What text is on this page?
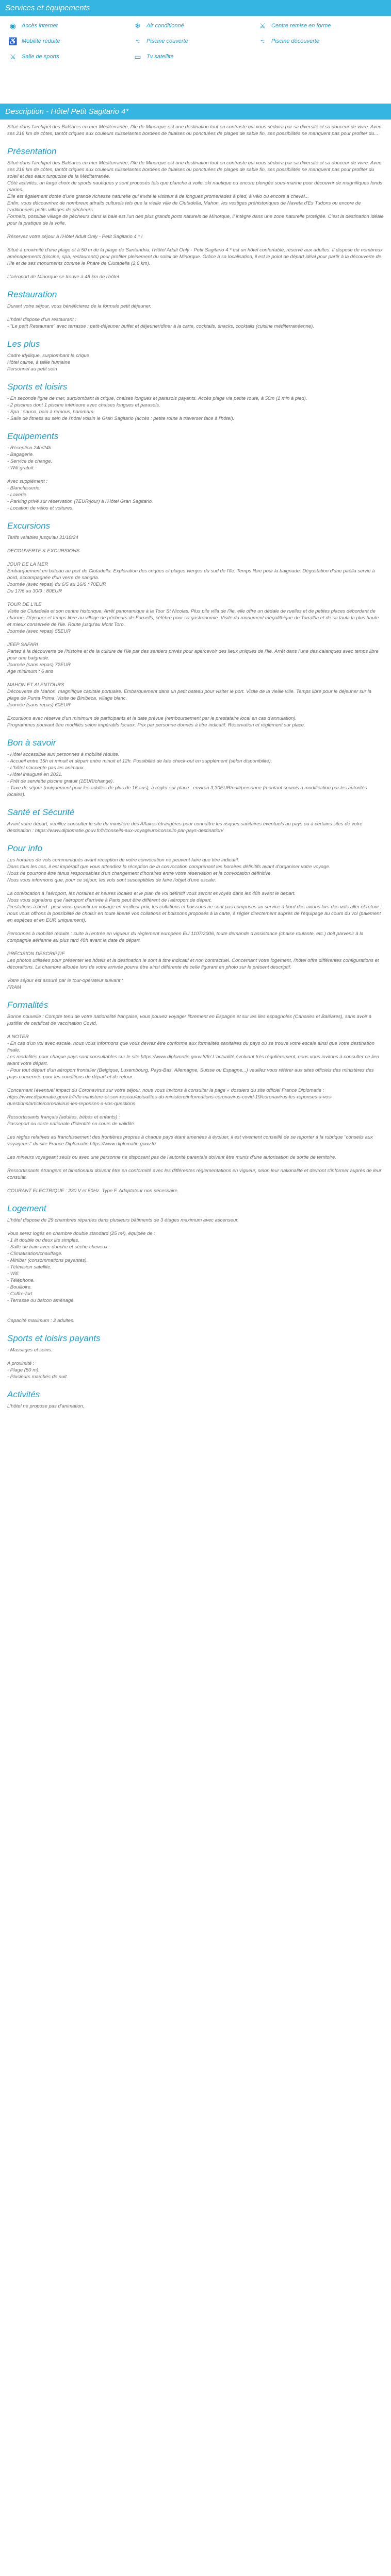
Services et équipements
◉ Accès internet	❄ Air conditionné	⚔ Centre remise en forme
♿ Mobilité réduite	≈	Piscine couverte	≈	Piscine découverte
⚔ Salle de sports	▭ Tv satellite
Description - Hôtel Petit Sagitario 4*

Situé dans l'archipel des Baléares en mer Méditerranée, l'île de Minorque est une destination tout en contraste qui vous séduira par sa diversité et sa douceur de vivre. Avec ses 216 km de côtes, tantôt criques aux couleurs ruisselantes bordées de falaises ou ponctuées de plages de sable fin, ses possibilités ne manquent pas pour profiter du...

Présentation

Situé dans l'archipel des Baléares en mer Méditerranée, l'île de Minorque est une destination tout en contraste qui vous séduira par sa diversité et sa douceur de vivre. Avec ses 216 km de côtes, tantôt criques aux couleurs ruisselantes bordées de falaises ou ponctuées de plages de sable fin, ses possibilités ne manquent pas pour profiter du soleil et des eaux turquoise de la Méditerranée.
Côté activités, un large choix de sports nautiques y sont proposés tels que planche à voile, ski nautique ou encore plongée sous-marine pour découvrir de magnifiques fonds marins.
Elle est également dotée d'une grande richesse naturelle qui invite le visiteur à de longues promenades à pied, à vélo ou encore à cheval...
Enfin, vous découvrirez de nombreux attraits culturels tels que la vieille ville de Ciutadella, Mahon, les vestiges préhistoriques de Naveta d'Es Tudons ou encore de traditionnels petits villages de pêcheurs.
Formelo, possible village de pêcheurs dans la baie est l'un des plus grands ports naturels de Minorque, il intègre dans une zone naturelle protégée. C'est la destination idéale pour la pratique de la voile.

Réservez votre séjour à l'Hôtel Adult Only - Petit Sagitario 4 * !

Situé à proximité d'une plage et à 50 m de la plage de Santandria, l'Hôtel Adult Only - Petit Sagitario 4 * est un hôtel confortable, réservé aux adultes. Il dispose de nombreux aménagements (piscine, spa, restaurants) pour profiter pleinement du soleil de Minorque. Grâce à sa localisation, il est le point de départ idéal pour partir à la découverte de l'île et de ses monuments comme le Phare de Ciutadella (2,6 km).

L'aéroport de Minorque se trouve à 48 km de l'hôtel.

Restauration

Durant votre séjour, vous bénéficierez de la formule petit déjeuner.

L'hôtel dispose d'un restaurant :
- "Le petit Restaurant" avec terrasse : petit-déjeuner buffet et déjeuner/dîner à la carte, cocktails, snacks, cocktails (cuisine méditerranéenne).

Les plus

Cadre idyllique, surplombant la crique
Hôtel calme, à taille humaine
Personnel au petit soin

Sports et loisirs

- En seconde ligne de mer, surplombant la crique, chaises longues et parasols payants. Accès plage via petite route, à 50m (1 min à pied).
- 2 piscines dont 1 piscine intérieure avec chaises longues et parasols.
- Spa : sauna, bain à remous, hammam.
- Salle de fitness au sein de l'hôtel voisin le Gran Sagitario (accès : petite route à traverser face à l'hôtel).

Equipements

- Réception 24h/24h.
- Bagagerie.
- Service de change.
- Wifi gratuit.

Avec supplément :
- Blanchisserie.
- Laverie.
- Parking privé sur réservation (7EUR/jour) à l'Hôtel Gran Sagitario.
- Location de vélos et voitures.

Excursions

Tarifs valables jusqu'au 31/10/24

DECOUVERTE & EXCURSIONS

JOUR DE LA MER
Embarquement en bateau au port de Ciutadella. Exploration des criques et plages vierges du sud de l'île. Temps libre pour la baignade. Dégustation d'une paëlla servie à bord, accompagnée d'un verre de sangria.
Journée (avec repas) du 6/5 au 16/6 : 70EUR
Du 17/6 au 30/9 : 80EUR

TOUR DE L'ILE
Visite de Ciutadella et son centre historique. Arrêt panoramique à la Tour St Nicolas. Plus pile villa de l'île, elle offre un dédale de ruelles et de petites places débordant de charme. Déjeuner et temps libre au village de pêcheurs de Fornells, célèbre pour sa gastronomie. Visite du monument mégalithique de Torralba et de sa taula la plus haute et mieux conservée de l'île. Route jusqu'au Mont Toro.
Journée (avec repas) 55EUR

JEEP SAFARI
Partez à la découverte de l'histoire et de la culture de l'île par des sentiers privés pour apercevoir des lieux uniques de l'île. Arrêt dans l'une des calanques avec temps libre pour une baignade.
Journée (sans repas) 72EUR
Age minimum : 6 ans

MAHON ET ALENTOURS
Découverte de Mahon, magnifique capitale portuaire. Embarquement dans un petit bateau pour visiter le port. Visite de la vieille ville. Temps libre pour le déjeuner sur la plage de Punta Prima. Visite de Binibeca, village blanc.
Journée (sans repas) 60EUR

Excursions avec réserve d'un minimum de participants et la date prévue (remboursement par le prestataire local en cas d'annulation).
Programmes pouvant être modifiés selon impératifs locaux. Prix par personne donnés à titre indicatif. Réservation et règlement sur place.

Bon à savoir

- Hôtel accessible aux personnes à mobilité réduite.
- Accueil entre 15h et minuit et départ entre minuit et 12h. Possibilité de late check-out en supplément (selon disponibilité).
- L'hôtel n'accepte pas les animaux.
- Hôtel inauguré en 2021.
- Prêt de serviette piscine gratuit (1EUR/change).
- Taxe de séjour (uniquement pour les adultes de plus de 16 ans), à régler sur place : environ 3,30EUR/nuit/personne (montant soumis à modification par les autorités locales).

Santé et Sécurité

Avant votre départ, veuillez consulter le site du ministère des Affaires étrangères pour connaître les risques sanitaires éventuels au pays ou à certains sites de votre destination : https://www.diplomatie.gouv.fr/fr/conseils-aux-voyageurs/conseils-par-pays-destination/

Pour info

Les horaires de vols communiqués avant réception de votre convocation ne peuvent faire que titre indicatif.
Dans tous les cas, il est impératif que vous attendiez la réception de la convocation comprenant les horaires définitifs avant d'organiser votre voyage.
Nous ne pourrons être tenus responsables d'un changement d'horaires entre votre réservation et la convocation définitive.
Nous vous informons que, pour ce séjour, les vols sont susceptibles de faire l'objet d'une escale.

La convocation à l'aéroport, les horaires et heures locales et le plan de vol définitif vous seront envoyés dans les 48h avant le départ.
Nous vous signalons que l'aéroport d'arrivée à Paris peut être différent de l'aéroport de départ.
Prestations à bord : pour vous garantir un voyage en meilleur prix, les collations et boissons ne sont pas comprises au service à bord des avions lors des vols aller et retour ; nous vous offrons la possibilité de choisir en toute liberté vos collations et boissons proposés à la carte, à régler directement auprès de l'équipage au cours du vol (paiement en espèces et en EUR uniquement).

Personnes à mobilité réduite : suite à l'entrée en vigueur du règlement européen EU 1107/2006, toute demande d'assistance (chaise roulante, etc.) doit parvenir à la compagnie aérienne au plus tard 48h avant la date de départ.

PRÉCISION DESCRIPTIF
Les photos utilisées pour présenter les hôtels et la destination le sont à titre indicatif et non contractuel. Concernant votre logement, l'hôtel offre différentes configurations et décorations. La chambre allouée lors de votre arrivée pourra être ainsi différente de celle figurant en photo sur le présent descriptif.

Votre séjour est assuré par le tour-opérateur suivant :
FRAM

Formalités

Bonne nouvelle : Compte tenu de votre nationalité française, vous pouvez voyager librement en Espagne et sur les îles espagnoles (Canaries et Baléares), sans avoir à justifier de certificat de vaccination Covid.

A NOTER
- En cas d'un vol avec escale, nous vous informons que vous devrez être conforme aux formalités sanitaires du pays où se trouve votre escale ainsi que votre destination finale.
Les modalités pour chaque pays sont consultables sur le site https://www.diplomatie.gouv.fr/fr/ L'actualité évoluant très régulièrement, nous vous invitons à consulter ce lien avant votre départ.
- Pour tout départ d'un aéroport frontalier (Belgique, Luxembourg, Pays-Bas, Allemagne, Suisse ou Espagne...) veuillez vous référer aux sites officiels des ministères des pays concernés pour les conditions de départ et de retour.

Concernant l'éventuel impact du Coronavirus sur votre séjour, nous vous invitons à consulter la page « dossiers du site officiel France Diplomatie :
https://www.diplomatie.gouv.fr/fr/le-ministere-et-son-reseau/actualites-du-ministere/informations-coronavirus-covid-19/coronavirus-les-reponses-a-vos-questions/article/coronavirus-les-reponses-a-vos-questions

Ressortissants français (adultes, bébés et enfants) :
Passeport ou carte nationale d'identité en cours de validité.

Les règles relatives au franchissement des frontières propres à chaque pays étant amenées à évoluer, il est vivement conseillé de se reporter à la rubrique "conseils aux voyageurs" du site France Diplomatie.https://www.diplomatie.gouv.fr/

Les mineurs voyageant seuls ou avec une personne ne disposant pas de l'autorité parentale doivent être munis d'une autorisation de sortie de territoire.

Ressortissants étrangers et binationaux doivent être en conformité avec les différentes réglementations en vigueur, selon leur nationalité et devront s'informer auprès de leur consulat.

COURANT ELECTRIQUE : 230 V et 50Hz. Type F. Adaptateur non nécessaire.

Logement

L'hôtel dispose de 29 chambres réparties dans plusieurs bâtiments de 3 étages maximum avec ascenseur.

Vous serez logés en chambre double standard (25 m²), équipée de :
- 1 lit double ou deux lits simples.
- Salle de bain avec douche et sèche-cheveux.
- Climatisation/chauffage.
- Minibar (consommations payantes).
- Télévision satellite.
- Wifi.
- Téléphone.
- Bouilloire.
- Coffre-fort.
- Terrasse ou balcon aménagé.

Capacité maximum : 2 adultes.

Sports et loisirs payants

- Massages et soins.

A proximité :
- Plage (50 m).
- Plusieurs marchés de nuit.

Activités

L'hôtel ne propose pas d'animation.
